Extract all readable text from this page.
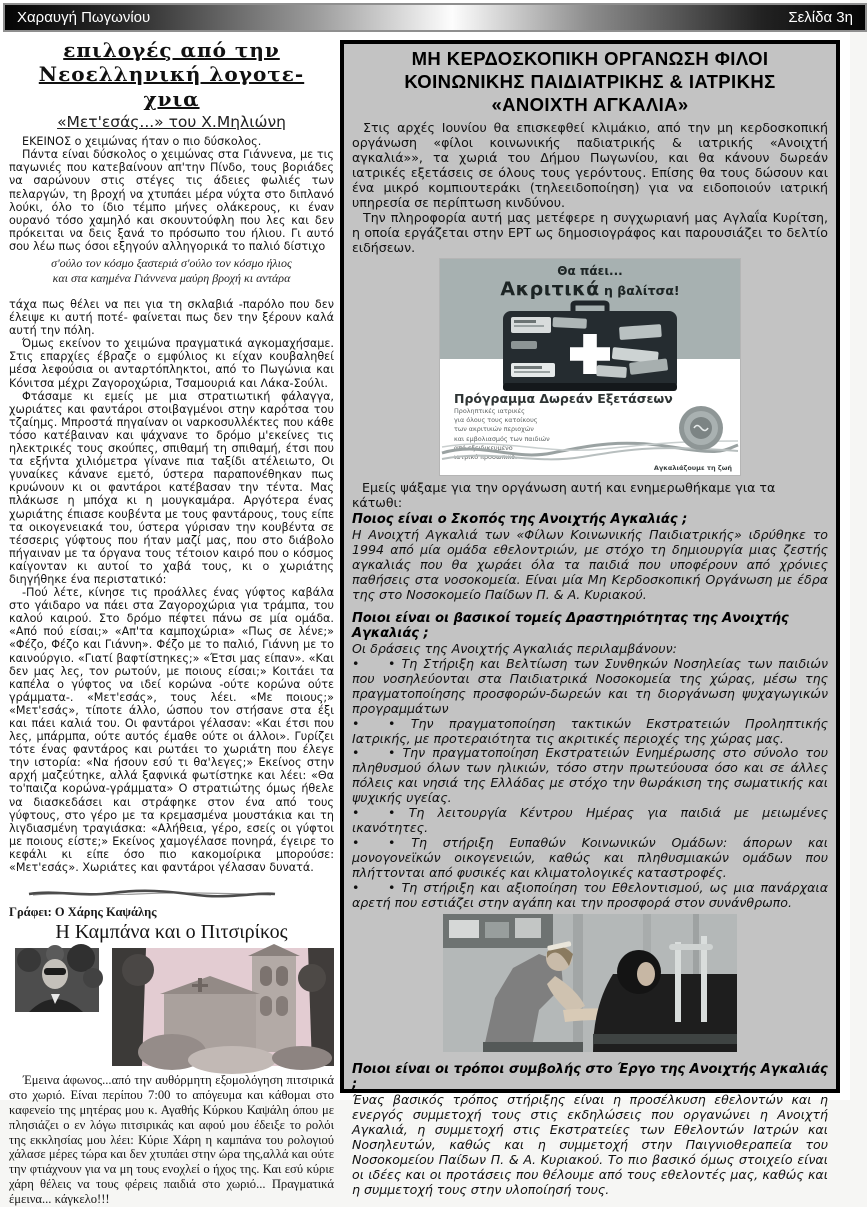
Χαραυγή Πωγωνίου	Σελίδα 3η
επιλογές από την
Νεοελληνική λογοτε-
χνια
«Μετ'εσάς...» του Χ.Μηλιώνη

ΕΚΕΙΝΟΣ ο χειμώνας ήταν ο πιο δύσκολος.

Πάντα είναι δύσκολος ο χειμώνας στα Γιάννενα, με τις παγωνιές που κατεβαίνουν απ'την Πίνδο, τους βοριάδες να σαρώνουν στις στέγες τις άδειες φωλιές των πελαργών, τη βροχή να χτυπάει μέρα νύχτα στο διπλανό λούκι, όλο το ίδιο τέμπο μήνες ολάκερους, κι έναν ουρανό τόσο χαμηλό και σκουντούφλη που λες και δεν πρόκειται να δεις ξανά το πρόσωπο του ήλιου. Γι αυτό σου λέω πως όσοι εξηγούν αλληγορικά το παλιό δίστιχο

σ'ούλο τον κόσμο ξαστεριά σ'ούλο τον κόσμο ήλιος
και στα καημένα Γιάννενα μαύρη βροχή κι αντάρα

τάχα πως θέλει να πει για τη σκλαβιά -παρόλο που δεν έλειψε κι αυτή ποτέ- φαίνεται πως δεν την ξέρουν καλά αυτή την πόλη.

Όμως εκείνον το χειμώνα πραγματικά αγκομαχήσαμε. Στις επαρχίες έβραζε ο εμφύλιος κι είχαν κουβαληθεί μέσα λεφούσια οι ανταρτόπληκτοι, από το Πωγώνια και Κόνιτσα μέχρι Ζαγοροχώρια, Τσαμουριά και Λάκα-Σούλι.

Φτάσαμε κι εμείς με μια στρατιωτική φάλαγγα, χωριάτες και φαντάροι στοιβαγμένοι στην καρότσα του τζαίημς. Μπροστά πηγαίναν οι ναρκοσυλλέκτες που κάθε τόσο κατέβαιναν και ψάχνανε το δρόμο μ'εκείνες τις ηλεκτρικές τους σκούπες, σπιθαμή τη σπιθαμή, έτσι που τα εξήντα χιλιόμετρα γίνανε πια ταξίδι ατέλειωτο, Οι γυναίκες κάνανε εμετό, ύστερα παραπονέθηκαν πως κρυώνουν κι οι φαντάροι κατέβασαν την τέντα. Μας πλάκωσε η μπόχα κι η μουγκαμάρα. Αργότερα ένας χωριάτης έπιασε κουβέντα με τους φαντάρους, τους είπε τα οικογενειακά του, ύστερα γύρισαν την κουβέντα σε τέσσερις γύφτους που ήταν μαζί μας, που στο διάβολο πήγαιναν με τα όργανα τους τέτοιον καιρό που ο κόσμος καίγονταν κι αυτοί το χαβά τους, κι ο χωριάτης διηγήθηκε ένα περιστατικό:

-Πού λέτε, κίνησε τις προάλλες ένας γύφτος καβάλα στο γάιδαρο να πάει στα Ζαγοροχώρια για τράμπα, του καλού καιρού. Στο δρόμο πέφτει πάνω σε μία ομάδα. «Από πού είσαι;» «Απ'τα καμποχώρια» «Πως σε λένε;» «Φέζο, Φέζο και Γιάννη». Φέζο με το παλιό, Γιάννη με το καινούργιο. «Γιατί βαφτίστηκες;» «Έτσι μας είπαν». «Και δεν μας λες, τον ρωτούν, με ποιους είσαι;» Κοιτάει τα καπέλα ο γύφτος να ιδεί κορώνα -ούτε κορώνα ούτε γράμματα-. «Μετ'εσάς», τους λέει. «Με ποιους;» «Μετ'εσάς», τίποτε άλλο, ώσπου τον στήσανε στα έξι και πάει καλιά του. Οι φαντάροι γέλασαν: «Και έτσι που λες, μπάρμπα, ούτε αυτός έμαθε ούτε οι άλλοι». Γυρίζει τότε ένας φαντάρος και ρωτάει το χωριάτη που έλεγε την ιστορία: «Να ήσουν εσύ τι θα'λεγες;» Εκείνος στην αρχή μαζεύτηκε, αλλά ξαφνικά φωτίστηκε και λέει: «Θα το'παιζα κορώνα-γράμματα» Ο στρατιώτης όμως ήθελε να διασκεδάσει και στράφηκε στον ένα από τους γύφτους, στο γέρο με τα κρεμασμένα μουστάκια και τη λιγδιασμένη τραγιάσκα: «Αλήθεια, γέρο, εσείς οι γύφτοι με ποιους είστε;» Εκείνος χαμογέλασε πονηρά, έγειρε το κεφάλι κι είπε όσο πιο κακομοίρικα μπορούσε: «Μετ'εσάς». Χωριάτες και φαντάροι γέλασαν δυνατά.

Γράφει: Ο Χάρης Καψάλης
Η Καμπάνα και ο Πιτσιρίκος

Έμεινα άφωνος...από την αυθόρμητη εξομολόγηση πιτσιρικά στο χωριό. Είναι περίπου 7:00 το απόγευμα και κάθομαι στο καφενείο της μητέρας μου κ. Αγαθής Κύρκου Καψάλη όπου με πλησιάζει ο εν λόγω πιτσιρικάς και αφού μου έδειξε το ρολόι της εκκλησίας μου λέει: Κύριε Χάρη η καμπάνα του ρολογιού χάλασε μέρες τώρα και δεν χτυπάει στην ώρα της,αλλά και ούτε την φτιάχνουν για να μη τους ενοχλεί ο ήχος της. Και εσύ κύριε χάρη θέλεις να τους φέρεις παιδιά στο χωριό... Πραγματικά έμεινα... κάγκελο!!!

ΜΗ ΚΕΡΔΟΣΚΟΠΙΚΗ ΟΡΓΑΝΩΣΗ ΦΙΛΟΙ
ΚΟΙΝΩΝΙΚΗΣ ΠΑΙΔΙΑΤΡΙΚΗΣ & ΙΑΤΡΙΚΗΣ
«ΑΝΟΙΧΤΗ ΑΓΚΑΛΙΑ»

Στις αρχές Ιουνίου θα επισκεφθεί κλιμάκιο, από την μη κερδοσκοπική οργάνωση «φίλοι κοινωνικής παδιατρικής & ιατρικής «Ανοιχτή αγκαλιά»», τα χωριά του Δήμου Πωγωνίου, και θα κάνουν δωρεάν ιατρικές εξετάσεις σε όλους τους γερόντους. Επίσης θα τους δώσουν και ένα μικρό κομπιουτεράκι (τηλεειδοποίηση) για να ειδοποιούν ιατρική υπηρεσία σε περίπτωση κινδύνου.

Την πληροφορία αυτή μας μετέφερε η συγχωριανή μας Αγλαΐα Κυρίτση, η οποία εργάζεται στην ΕΡΤ ως δημοσιογράφος και παρουσιάζει το δελτίο ειδήσεων.

Θα πάει...
Ακριτικά η βαλίτσα!

Πρόγραμμα Δωρεάν Εξετάσεων

Προληπτικές ιατρικές

για όλους τους κατοίκους

των ακριτικών περιοχών

και εμβολιασμός των παιδιών

από εξειδικευμένο

ιατρικό προσωπικό.

Αγκαλιάζουμε τη ζωή

Εμείς ψάξαμε για την οργάνωση αυτή και ενημερωθήκαμε για τα κάτωθι:

Ποιος είναι ο Σκοπός της Ανοιχτής Αγκαλιάς ;

Η Ανοιχτή Αγκαλιά των «Φίλων Κοινωνικής Παιδιατρικής» ιδρύθηκε το 1994 από μία ομάδα εθελοντριών, με στόχο τη δημιουργία μιας ζεστής αγκαλιάς που θα χωράει όλα τα παιδιά που υποφέρουν από χρόνιες παθήσεις στα νοσοκομεία. Είναι μία Μη Κερδοσκοπική Οργάνωση με έδρα της στο Νοσοκομείο Παίδων Π. & Α. Κυριακού.

Ποιοι είναι οι βασικοί τομείς Δραστηριότητας της Ανοιχτής Αγκαλιάς ;

Οι δράσεις της Ανοιχτής Αγκαλιάς περιλαμβάνουν:

• • Τη Στήριξη και Βελτίωση των Συνθηκών Νοσηλείας των παιδιών που νοσηλεύονται στα Παιδιατρικά Νοσοκομεία της χώρας, μέσω της πραγματοποίησης προσφορών-δωρεών και τη διοργάνωση ψυχαγωγικών προγραμμάτων

• • Την πραγματοποίηση τακτικών Εκστρατειών Προληπτικής Ιατρικής, με προτεραιότητα τις ακριτικές περιοχές της χώρας μας.

• • Την πραγματοποίηση Εκστρατειών Ενημέρωσης στο σύνολο του πληθυσμού όλων των ηλικιών, τόσο στην πρωτεύουσα όσο και σε άλλες πόλεις και νησιά της Ελλάδας με στόχο την θωράκιση της σωματικής και ψυχικής υγείας.

• • Τη λειτουργία Κέντρου Ημέρας για παιδιά με μειωμένες ικανότητες.

• • Τη στήριξη Ευπαθών Κοινωνικών Ομάδων: άπορων και μονογονεϊκών οικογενειών, καθώς και πληθυσμιακών ομάδων που πλήττονται από φυσικές και κλιματολογικές καταστροφές.

• • Τη στήριξη και αξιοποίηση του Εθελοντισμού, ως μια πανάρχαια αρετή που εστιάζει στην αγάπη και την προσφορά στον συνάνθρωπο.

Ποιοι είναι οι τρόποι συμβολής στο Έργο της Ανοιχτής Αγκαλιάς ;

Ένας βασικός τρόπος στήριξης είναι η προσέλκυση εθελοντών και η ενεργός συμμετοχή τους στις εκδηλώσεις που οργανώνει η Ανοιχτή Αγκαλιά, η συμμετοχή στις Εκστρατείες των Εθελοντών Ιατρών και Νοσηλευτών, καθώς και η συμμετοχή στην Παιγνιοθεραπεία του Νοσοκομείου Παίδων Π. & Α. Κυριακού. Το πιο βασικό όμως στοιχείο είναι οι ιδέες και οι προτάσεις που θέλουμε από τους εθελοντές μας, καθώς και η συμμετοχή τους στην υλοποίησή τους.
